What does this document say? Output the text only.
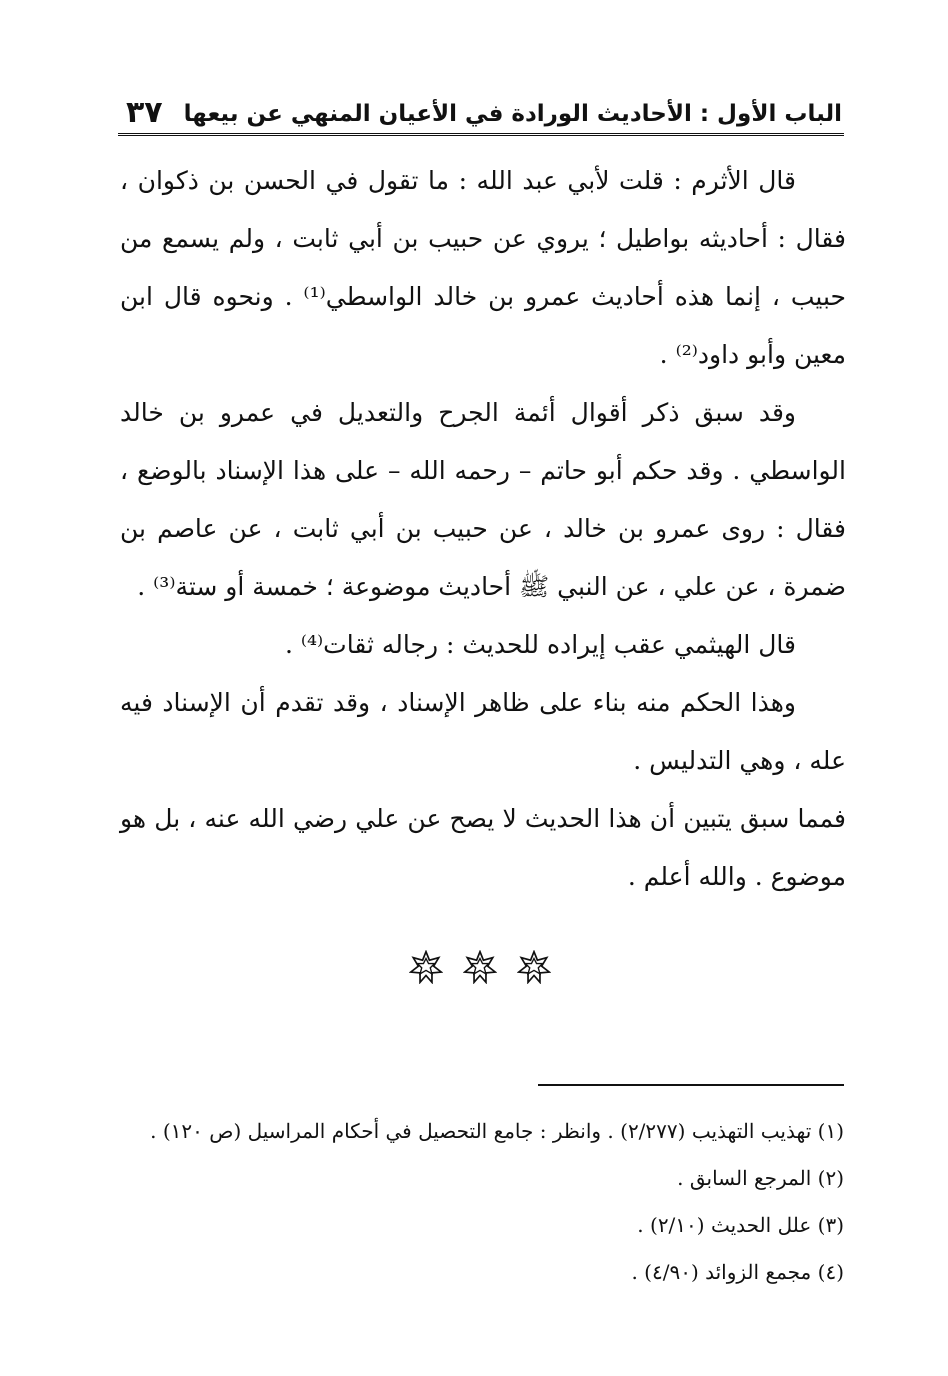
٣٧ الباب الأول : الأحاديث الورادة في الأعيان المنهي عن بيعها

قال الأثرم : قلت لأبي عبد الله : ما تقول في الحسن بن ذكوان ، فقال : أحاديثه بواطيل ؛ يروي عن حبيب بن أبي ثابت ، ولم يسمع من حبيب ، إنما هذه أحاديث عمرو بن خالد الواسطي⁽¹⁾ . ونحوه قال ابن معين وأبو داود⁽²⁾ .

وقد سبق ذكر أقوال أئمة الجرح والتعديل في عمرو بن خالد الواسطي . وقد حكم أبو حاتم – رحمه الله – على هذا الإسناد بالوضع ، فقال : روى عمرو بن خالد ، عن حبيب بن أبي ثابت ، عن عاصم بن ضمرة ، عن علي ، عن النبي ﷺ أحاديث موضوعة ؛ خمسة أو ستة⁽³⁾ .

قال الهيثمي عقب إيراده للحديث : رجاله ثقات⁽⁴⁾ .

وهذا الحكم منه بناء على ظاهر الإسناد ، وقد تقدم أن الإسناد فيه عله ، وهي التدليس .

فمما سبق يتبين أن هذا الحديث لا يصح عن علي رضي الله عنه ، بل هو موضوع . والله أعلم .

(١) تهذيب التهذيب (٢/٢٧٧) . وانظر : جامع التحصيل في أحكام المراسيل (ص ١٢٠) .
(٢) المرجع السابق .
(٣) علل الحديث (٢/١٠) .
(٤) مجمع الزوائد (٤/٩٠) .
